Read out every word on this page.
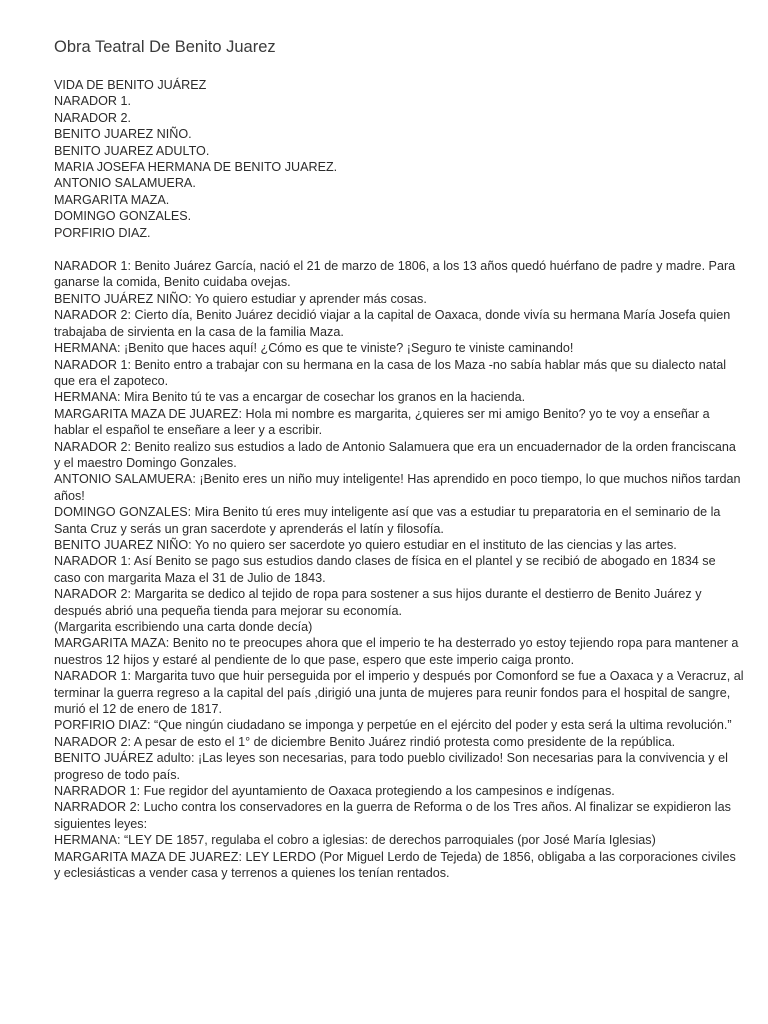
Obra Teatral De Benito Juarez
VIDA DE BENITO JUÁREZ
NARADOR 1.
NARADOR 2.
BENITO JUAREZ NIÑO.
BENITO JUAREZ ADULTO.
MARIA JOSEFA HERMANA DE BENITO JUAREZ.
ANTONIO SALAMUERA.
MARGARITA MAZA.
DOMINGO GONZALES.
PORFIRIO DIAZ.

NARADOR 1: Benito Juárez García, nació el 21 de marzo de 1806, a los 13 años quedó huérfano de padre y madre. Para ganarse la comida, Benito cuidaba ovejas.

BENITO JUÁREZ NIÑO: Yo quiero estudiar y aprender más cosas.

NARADOR 2: Cierto día, Benito Juárez decidió viajar a la capital de Oaxaca, donde vivía su hermana María Josefa quien trabajaba de sirvienta en la casa de la familia Maza.

HERMANA: ¡Benito que haces aquí! ¿Cómo es que te viniste? ¡Seguro te viniste caminando!

NARADOR 1: Benito entro a trabajar con su hermana en la casa de los Maza -no sabía hablar más que su dialecto natal que era el zapoteco.

HERMANA: Mira Benito tú te vas a encargar de cosechar los granos en la hacienda.

MARGARITA MAZA DE JUAREZ: Hola mi nombre es margarita, ¿quieres ser mi amigo Benito? yo te voy a enseñar a hablar el español te enseñare a leer y a escribir.

NARADOR 2: Benito realizo sus estudios a lado de Antonio Salamuera que era un encuadernador de la orden franciscana y el maestro Domingo Gonzales.

ANTONIO SALAMUERA: ¡Benito eres un niño muy inteligente! Has aprendido en poco tiempo, lo que muchos niños tardan años!

DOMINGO GONZALES: Mira Benito tú eres muy inteligente así que vas a estudiar tu preparatoria en el seminario de la Santa Cruz y serás un gran sacerdote y aprenderás el latín y filosofía.

BENITO JUAREZ NIÑO: Yo no quiero ser sacerdote yo quiero estudiar en el instituto de las ciencias y las artes.

NARADOR 1: Así Benito se pago sus estudios dando clases de física en el plantel y se recibió de abogado en 1834 se caso con margarita Maza el 31 de Julio de 1843.

NARADOR 2: Margarita se dedico al tejido de ropa para sostener a sus hijos durante el destierro de Benito Juárez y después abrió una pequeña tienda para mejorar su economía.

(Margarita escribiendo una carta donde decía)

MARGARITA MAZA: Benito no te preocupes ahora que el imperio te ha desterrado yo estoy tejiendo ropa para mantener a nuestros 12 hijos y estaré al pendiente de lo que pase, espero que este imperio caiga pronto.

NARADOR 1: Margarita tuvo que huir perseguida por el imperio y después por Comonford se fue a Oaxaca y a Veracruz, al terminar la guerra regreso a la capital del país ,dirigió una junta de mujeres para reunir fondos para el hospital de sangre, murió el 12 de enero de 1817.

PORFIRIO DIAZ: “Que ningún ciudadano se imponga y perpetúe en el ejército del poder y esta será la ultima revolución.”

NARADOR 2: A pesar de esto el 1° de diciembre Benito Juárez rindió protesta como presidente de la república.

BENITO JUÁREZ adulto: ¡Las leyes son necesarias, para todo pueblo civilizado! Son necesarias para la convivencia y el progreso de todo país.

NARRADOR 1: Fue regidor del ayuntamiento de Oaxaca protegiendo a los campesinos e indígenas.

NARRADOR 2: Lucho contra los conservadores en la guerra de Reforma o de los Tres años. Al finalizar se expidieron las siguientes leyes:

HERMANA: “LEY DE 1857, regulaba el cobro a iglesias: de derechos parroquiales (por José María Iglesias)

MARGARITA MAZA DE JUAREZ: LEY LERDO (Por Miguel Lerdo de Tejeda) de 1856, obligaba a las corporaciones civiles y eclesiásticas a vender casa y terrenos a quienes los tenían rentados.
